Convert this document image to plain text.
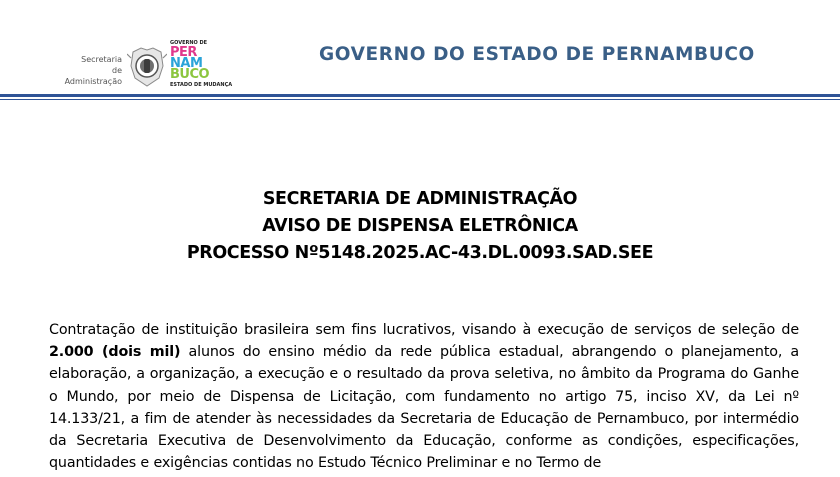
Secretaria
de Administração
GOVERNO DE
PER
NAM
BUCO
ESTADO DE MUDANÇA
GOVERNO DO ESTADO DE PERNAMBUCO
SECRETARIA DE ADMINISTRAÇÃO
AVISO DE DISPENSA ELETRÔNICA
PROCESSO Nº5148.2025.AC-43.DL.0093.SAD.SEE
Contratação de instituição brasileira sem fins lucrativos, visando à execução de serviços de seleção de 2.000 (dois mil) alunos do ensino médio da rede pública estadual, abrangendo o planejamento, a elaboração, a organização, a execução e o resultado da prova seletiva, no âmbito da Programa do Ganhe o Mundo, por meio de Dispensa de Licitação, com fundamento no artigo 75, inciso XV, da Lei nº 14.133/21, a fim de atender às necessidades da Secretaria de Educação de Pernambuco, por intermédio da Secretaria Executiva de Desenvolvimento da Educação, conforme as condições, especificações, quantidades e exigências contidas no Estudo Técnico Preliminar e no Termo de
